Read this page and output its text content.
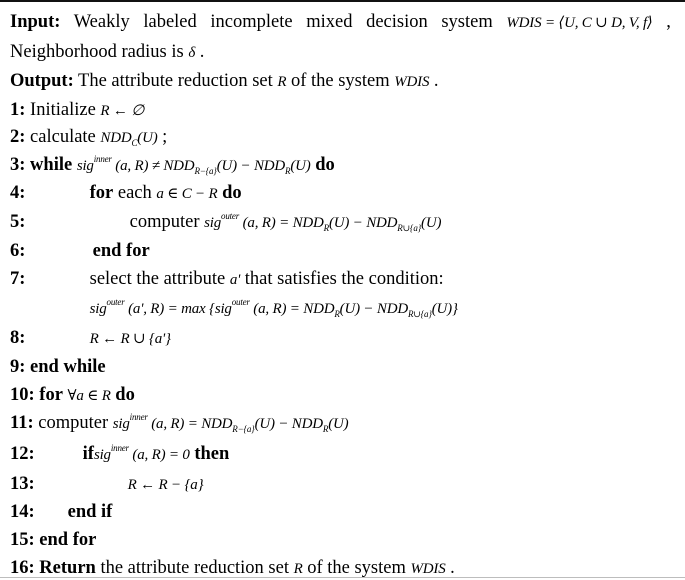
Input: Weakly labeled incomplete mixed decision system WDIS = ⟨U, C ∪ D, V, f⟩ ,
Neighborhood radius is δ .
Output: The attribute reduction set R of the system WDIS .
1: Initialize R ← ∅
2: calculate $NDD_C(U)$ ;
3: while sig$^{inner}$ (a, $R) \ne NDD_{R-\{a\}}(U) - NDD_R(U)$ do
4:	for each a ∈ C − R do
5:	computer sig$^{outer}$ (a, $R) = NDD_R(U) - NDD_{R\cup\{a\}}(U)$
6:	end for
7:	select the attribute a' that satisfies the condition:
sig$^{outer}$ (a', R) = max {sig$^{outer}$ (a, $R) = NDD_R(U) - NDD_{R\cup\{a\}}(U)$}
8:	R ← R ∪ {a'}
9: end while
10: for ∀a ∈ R do
11: computer sig$^{inner}$ (a, $R) = NDD_{R-\{a\}}(U) - NDD_R(U)$
12:	ifsig$^{inner}$ (a, R) = 0 then
13:	R ← R − {a}
14: end if
15: end for
16: Return the attribute reduction set R of the system WDIS .
